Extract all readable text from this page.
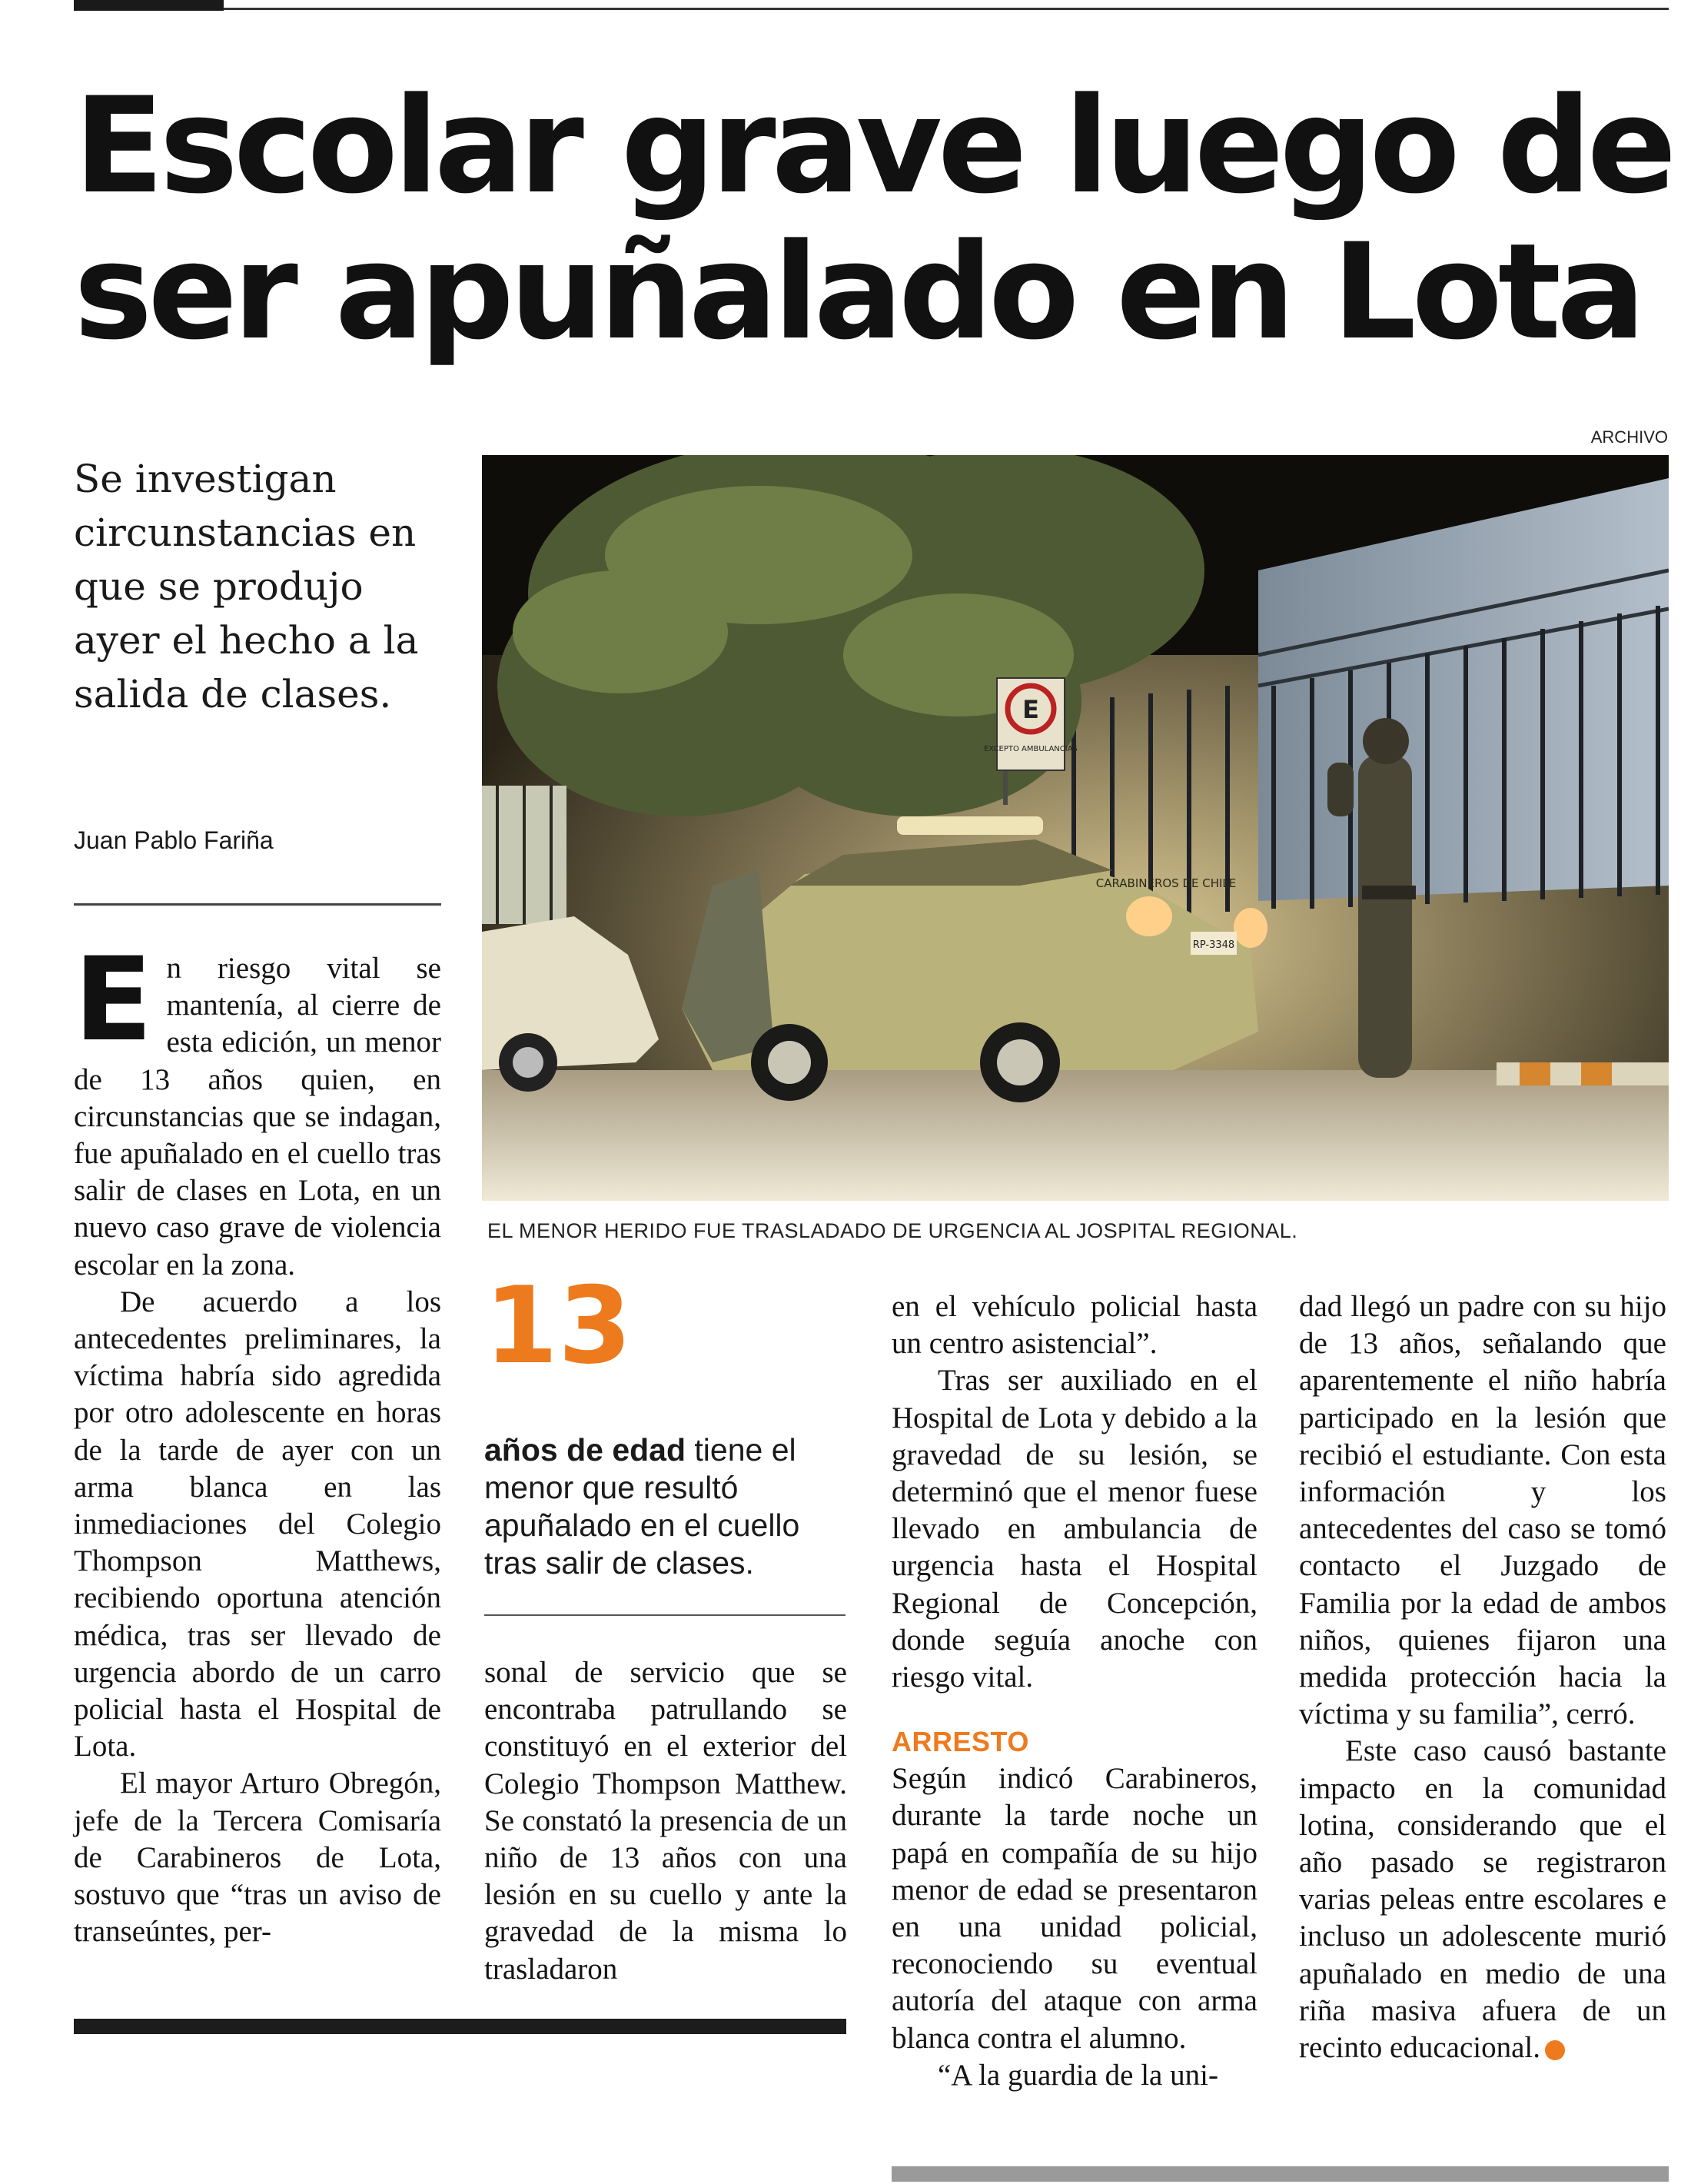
Escolar grave luego de
ser apuñalado en Lota
ARCHIVO
E
EXCEPTO AMBULANCIAS
RP-3348
CARABINEROS DE CHILE
EL MENOR HERIDO FUE TRASLADADO DE URGENCIA AL JOSPITAL REGIONAL.
Se investigan circunstancias en que se produjo ayer el hecho a la salida de clases.
Juan Pablo Fariña

En riesgo vital se mantenía, al cierre de esta edición, un menor de 13 años quien, en circunstancias que se indagan, fue apuñalado en el cuello tras salir de clases en Lota, en un nuevo caso grave de violencia escolar en la zona.

De acuerdo a los antecedentes preliminares, la víctima habría sido agredida por otro adolescente en horas de la tarde de ayer con un arma blanca en las inmediaciones del Colegio Thompson Matthews, recibiendo oportuna atención médica, tras ser llevado de urgencia abordo de un carro policial hasta el Hospital de Lota.

El mayor Arturo Obregón, jefe de la Tercera Comisaría de Carabineros de Lota, sostuvo que “tras un aviso de transeúntes, per-

13
años de edad tiene el menor que resultó apuñalado en el cuello tras salir de clases.

sonal de servicio que se encontraba patrullando se constituyó en el exterior del Colegio Thompson Matthew. Se constató la presencia de un niño de 13 años con una lesión en su cuello y ante la gravedad de la misma lo trasladaron

en el vehículo policial hasta un centro asistencial”.

Tras ser auxiliado en el Hospital de Lota y debido a la gravedad de su lesión, se determinó que el menor fuese llevado en ambulancia de urgencia hasta el Hospital Regional de Concepción, donde seguía anoche con riesgo vital.

ARRESTO

Según indicó Carabineros, durante la tarde noche un papá en compañía de su hijo menor de edad se presentaron en una unidad policial, reconociendo su eventual autoría del ataque con arma blanca contra el alumno.

“A la guardia de la uni-

dad llegó un padre con su hijo de 13 años, señalando que aparentemente el niño habría participado en la lesión que recibió el estudiante. Con esta información y los antecedentes del caso se tomó contacto el Juzgado de Familia por la edad de ambos niños, quienes fijaron una medida protección hacia la víctima y su familia”, cerró.

Este caso causó bastante impacto en la comunidad lotina, considerando que el año pasado se registraron varias peleas entre escolares e incluso un adolescente murió apuñalado en medio de una riña masiva afuera de un recinto educacional.	✪
